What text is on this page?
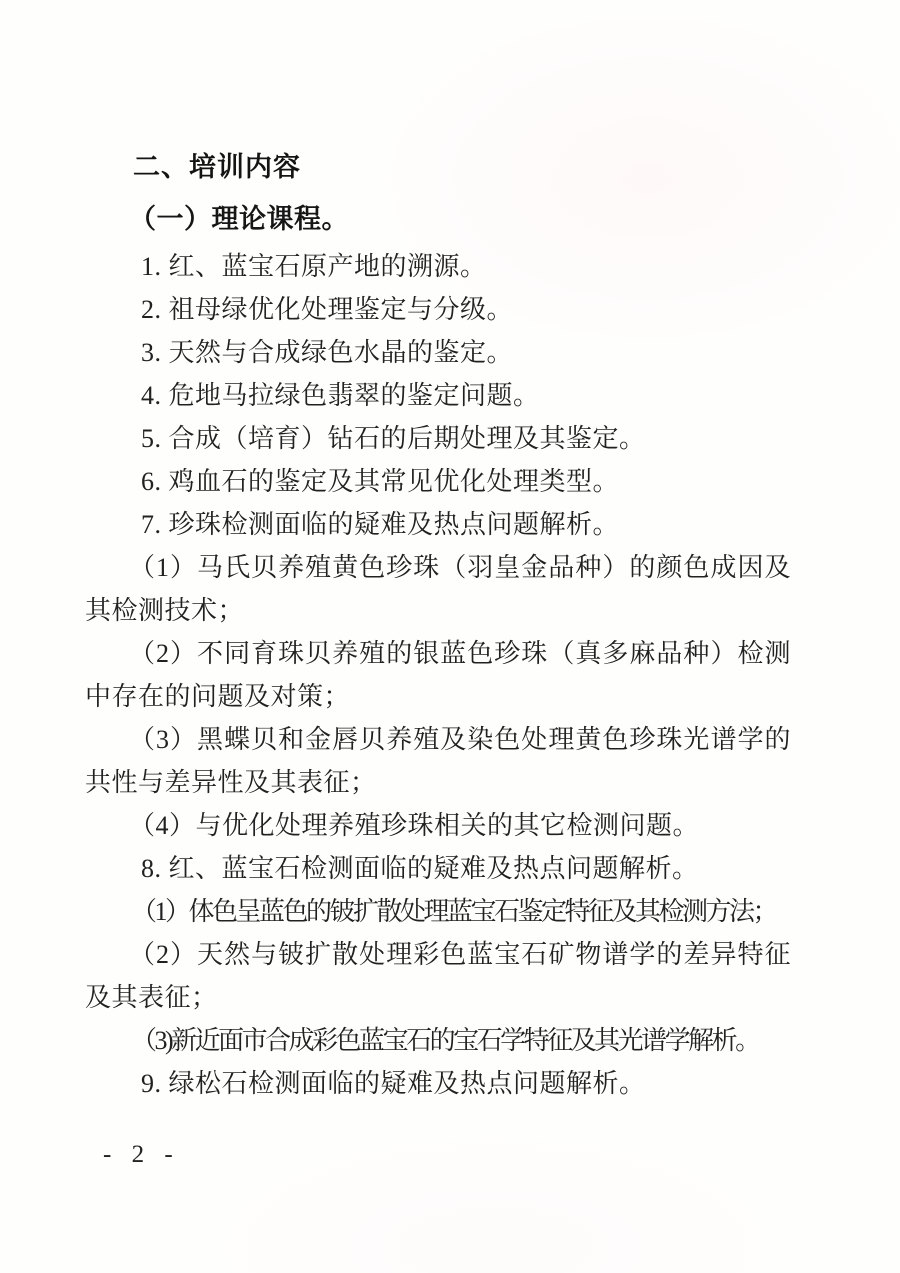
二、培训内容
（一）理论课程。

1. 红、蓝宝石原产地的溯源。

2. 祖母绿优化处理鉴定与分级。

3. 天然与合成绿色水晶的鉴定。

4. 危地马拉绿色翡翠的鉴定问题。

5. 合成（培育）钻石的后期处理及其鉴定。

6. 鸡血石的鉴定及其常见优化处理类型。

7. 珍珠检测面临的疑难及热点问题解析。

（1）马氏贝养殖黄色珍珠（羽皇金品种）的颜色成因及其检测技术；

（2）不同育珠贝养殖的银蓝色珍珠（真多麻品种）检测中存在的问题及对策；

（3）黑蝶贝和金唇贝养殖及染色处理黄色珍珠光谱学的共性与差异性及其表征；

（4）与优化处理养殖珍珠相关的其它检测问题。

8. 红、蓝宝石检测面临的疑难及热点问题解析。

（1）体色呈蓝色的铍扩散处理蓝宝石鉴定特征及其检测方法；

（2）天然与铍扩散处理彩色蓝宝石矿物谱学的差异特征及其表征；

（3)新近面市合成彩色蓝宝石的宝石学特征及其光谱学解析。

9. 绿松石检测面临的疑难及热点问题解析。

- 2 -
